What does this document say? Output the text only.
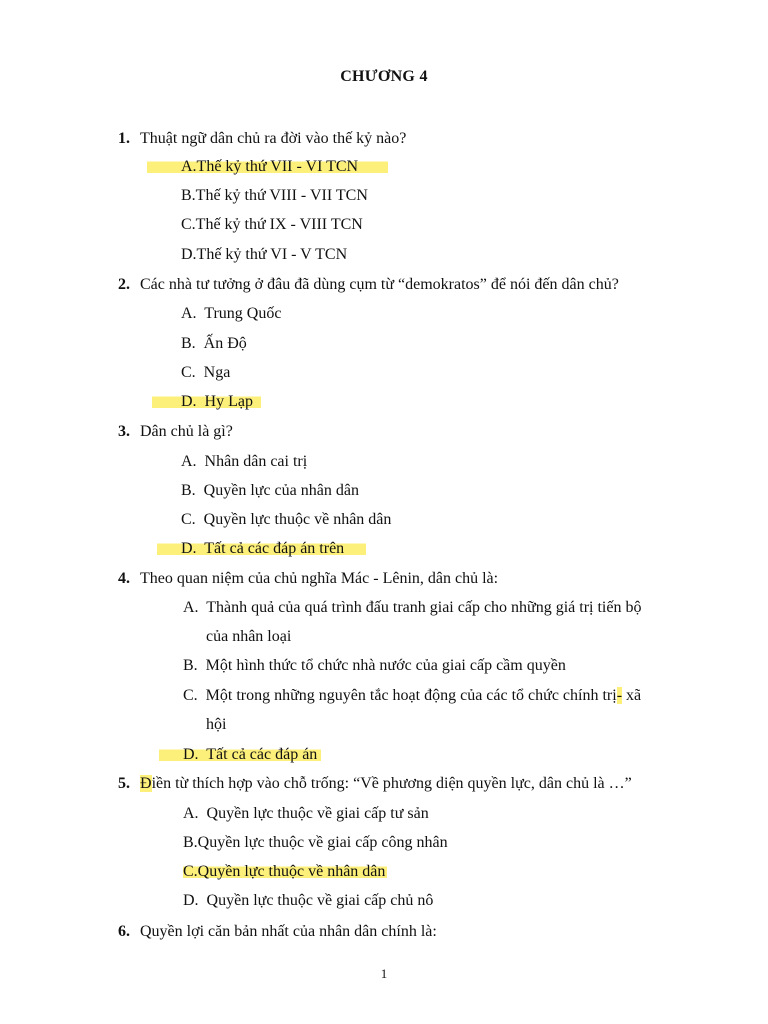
CHƯƠNG 4
1. Thuật ngữ dân chủ ra đời vào thế kỷ nào?
A.Thế kỷ thứ VII - VI TCN
B.Thế kỷ thứ VIII - VII TCN
C.Thế kỷ thứ IX - VIII TCN
D.Thế kỷ thứ VI - V TCN
2. Các nhà tư tưởng ở đâu đã dùng cụm từ “demokratos” để nói đến dân chủ?
A.  Trung Quốc
B.  Ấn Độ
C.  Nga
D.  Hy Lạp
3. Dân chủ là gì?
A.  Nhân dân cai trị
B.  Quyền lực của nhân dân
C.  Quyền lực thuộc về nhân dân
D.  Tất cả các đáp án trên
4. Theo quan niệm của chủ nghĩa Mác - Lênin, dân chủ là:
A.  Thành quả của quá trình đấu tranh giai cấp cho những giá trị tiến bộ
của nhân loại
B.  Một hình thức tổ chức nhà nước của giai cấp cầm quyền
C.  Một trong những nguyên tắc hoạt động của các tổ chức chính trị- xã
hội
D.  Tất cả các đáp án
5. Điền từ thích hợp vào chỗ trống: “Về phương diện quyền lực, dân chủ là …”
A.  Quyền lực thuộc về giai cấp tư sản
B.Quyền lực thuộc về giai cấp công nhân
C.Quyền lực thuộc về nhân dân
D.  Quyền lực thuộc về giai cấp chủ nô
6. Quyền lợi căn bản nhất của nhân dân chính là:
1
